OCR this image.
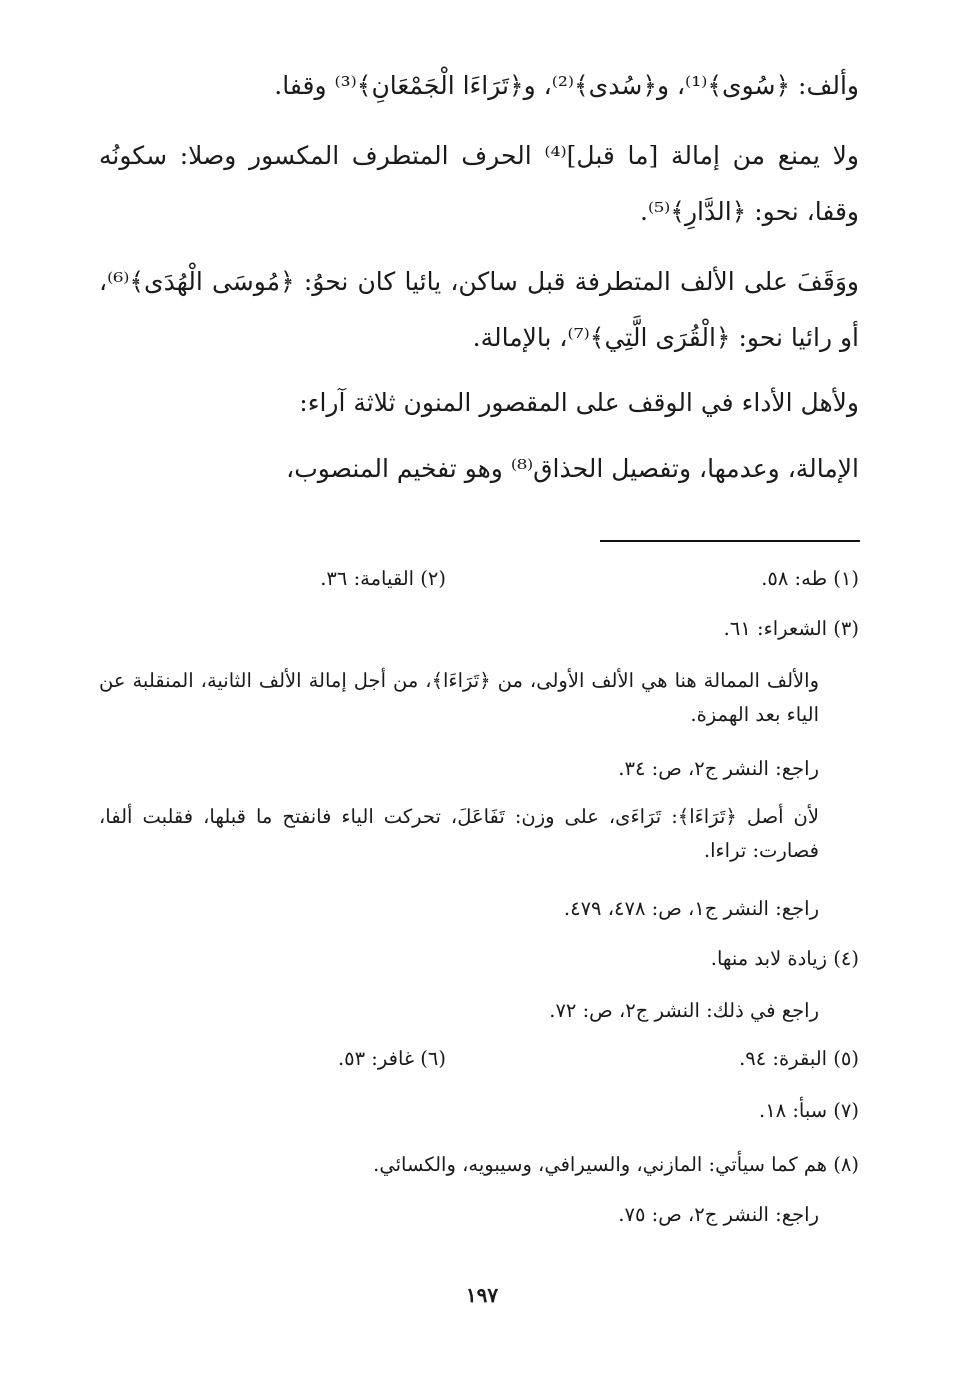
وألف: ﴿سُوى﴾⁽¹⁾، و﴿سُدى﴾⁽²⁾، و﴿تَرَاءَا الْجَمْعَانِ﴾⁽³⁾ وقفا.

ولا يمنع من إمالة [ما قبل]⁽⁴⁾ الحرف المتطرف المكسور وصلا: سكونُه وقفا، نحو: ﴿الدَّارِ﴾⁽⁵⁾.

ووَقَفَ على الألف المتطرفة قبل ساكن، يائيا كان نحوُ: ﴿مُوسَى الْهُدَى﴾⁽⁶⁾، أو رائيا نحو: ﴿الْقُرَى الَّتِي﴾⁽⁷⁾، بالإمالة.

ولأهل الأداء في الوقف على المقصور المنون ثلاثة آراء:

الإمالة، وعدمها، وتفصيل الحذاق⁽⁸⁾ وهو تفخيم المنصوب،

(١) طه: ٥٨.
(٢) القيامة: ٣٦.

(٣) الشعراء: ٦١.

والألف الممالة هنا هي الألف الأولى، من ﴿تَرَاءَا﴾، من أجل إمالة الألف الثانية، المنقلبة عن الياء بعد الهمزة.

راجع: النشر ج٢، ص: ٣٤.

لأن أصل ﴿تَرَاءَا﴾: تَرَاءَى، على وزن: تَفَاعَلَ، تحركت الياء فانفتح ما قبلها، فقلبت ألفا، فصارت: تراءا.

راجع: النشر ج١، ص: ٤٧٨، ٤٧٩.

(٤) زيادة لابد منها.

راجع في ذلك: النشر ج٢، ص: ٧٢.

(٥) البقرة: ٩٤.
(٦) غافر: ٥٣.

(٧) سبأ: ١٨.

(٨) هم كما سيأتي: المازني، والسيرافي، وسيبويه، والكسائي.

راجع: النشر ج٢، ص: ٧٥.

١٩٧
